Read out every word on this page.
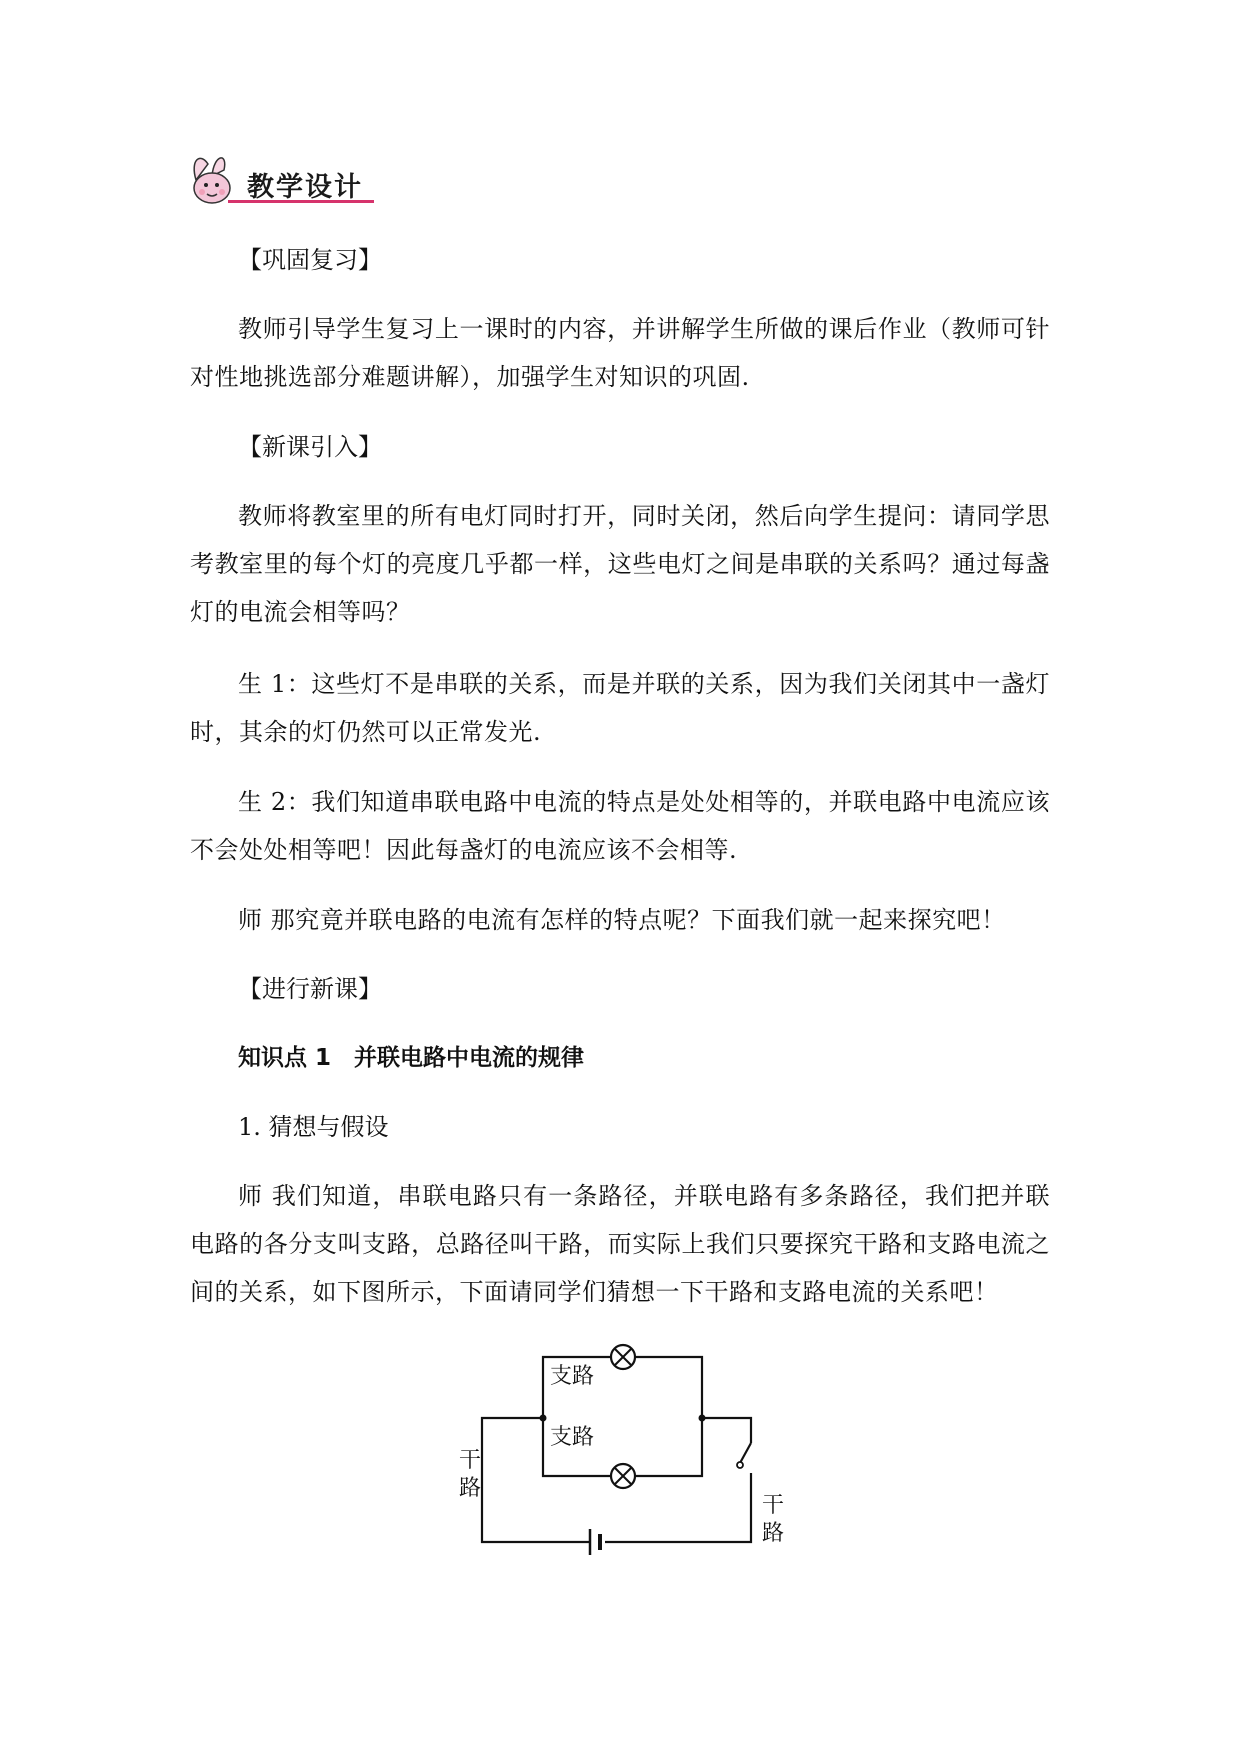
教学设计

【巩固复习】

教师引导学生复习上一课时的内容，并讲解学生所做的课后作业（教师可针对性地挑选部分难题讲解），加强学生对知识的巩固.

【新课引入】

教师将教室里的所有电灯同时打开，同时关闭，然后向学生提问：请同学思考教室里的每个灯的亮度几乎都一样，这些电灯之间是串联的关系吗？通过每盏灯的电流会相等吗？

生 1：这些灯不是串联的关系，而是并联的关系，因为我们关闭其中一盏灯时，其余的灯仍然可以正常发光.

生 2：我们知道串联电路中电流的特点是处处相等的，并联电路中电流应该不会处处相等吧！因此每盏灯的电流应该不会相等.

师 那究竟并联电路的电流有怎样的特点呢？下面我们就一起来探究吧！

【进行新课】

知识点 1　并联电路中电流的规律

1. 猜想与假设

师 我们知道，串联电路只有一条路径，并联电路有多条路径，我们把并联电路的各分支叫支路，总路径叫干路，而实际上我们只要探究干路和支路电流之间的关系，如下图所示，下面请同学们猜想一下干路和支路电流的关系吧！

支路
支路
干
路
干
路
